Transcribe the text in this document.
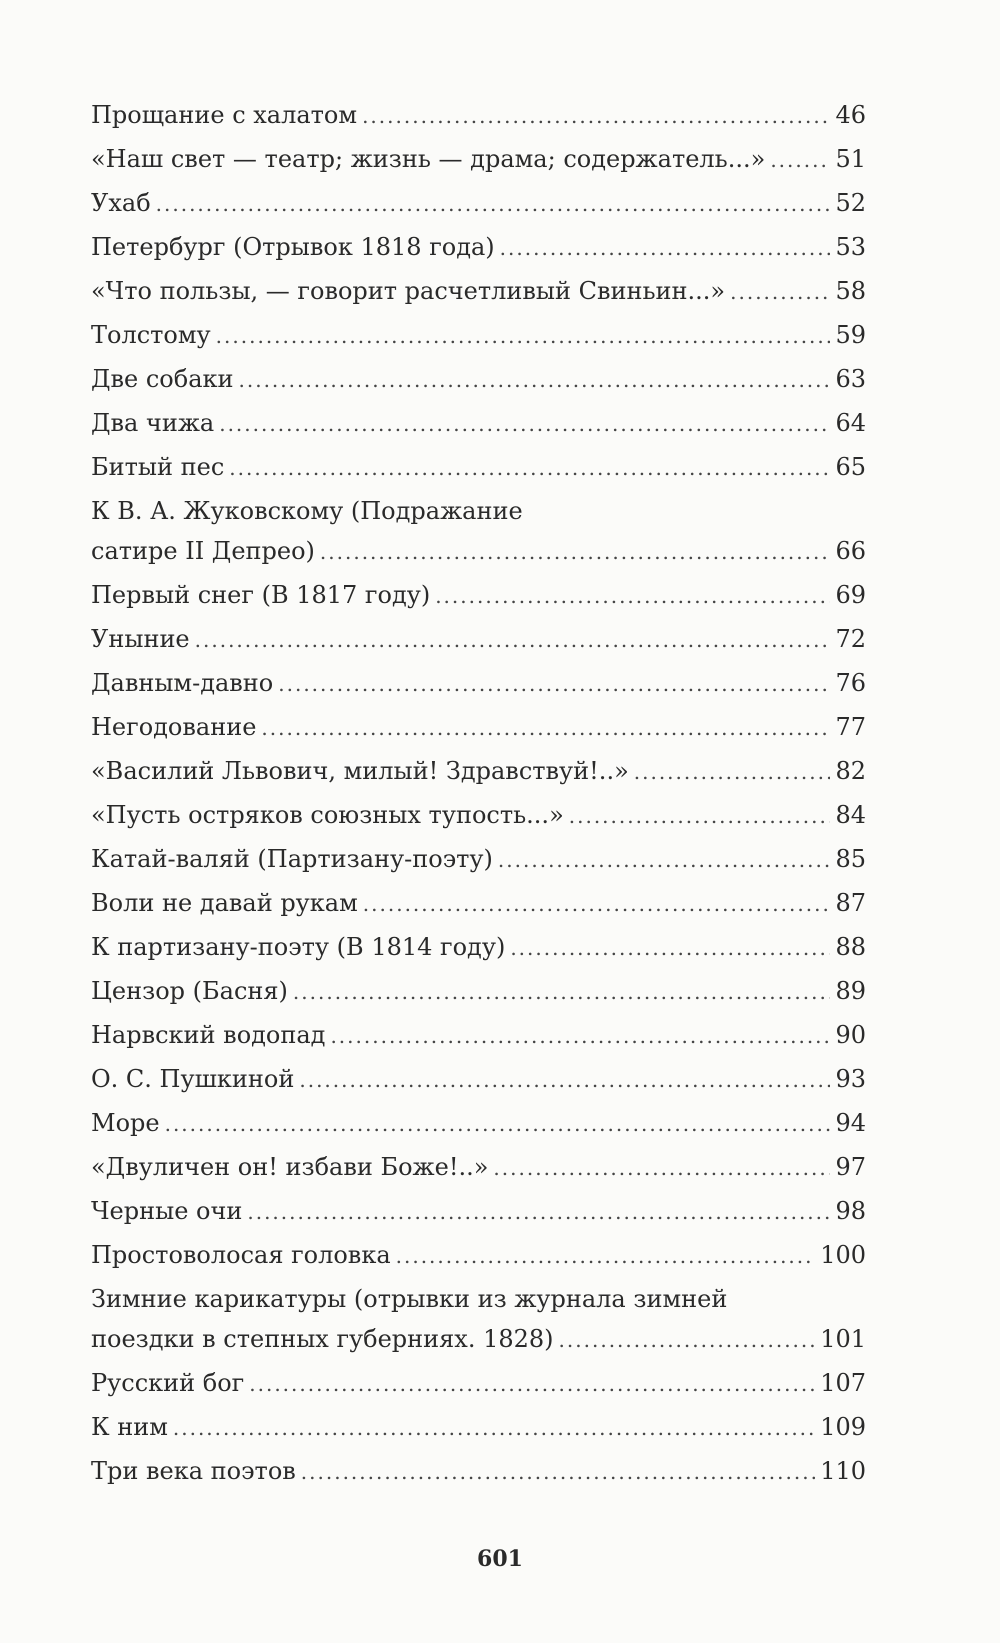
Прощание с халатом .....	46
«Наш свет — театр; жизнь — драма; содержатель...» .....	51
Ухаб .....	52
Петербург (Отрывок 1818 года) .....	53
«Что пользы, — говорит расчетливый Свиньин...» .....	58
Толстому .....	59
Две собаки .....	63
Два чижа .....	64
Битый пес .....	65
К В. А. Жуковскому (Подражание
сатире II Депрео) .....	66
Первый снег (В 1817 году) .....	69
Уныние .....	72
Давным-давно .....	76
Негодование .....	77
«Василий Львович, милый! Здравствуй!..» .....	82
«Пусть остряков союзных тупость...» .....	84
Катай-валяй (Партизану-поэту) .....	85
Воли не давай рукам .....	87
К партизану-поэту (В 1814 году) .....	88
Цензор (Басня) .....	89
Нарвский водопад .....	90
О. С. Пушкиной .....	93
Море .....	94
«Двуличен он! избави Боже!..» .....	97
Черные очи .....	98
Простоволосая головка .....	100
Зимние карикатуры (отрывки из журнала зимней
поездки в степных губерниях. 1828) .....	101
Русский бог .....	107
К ним .....	109
Три века поэтов .....	110
601
